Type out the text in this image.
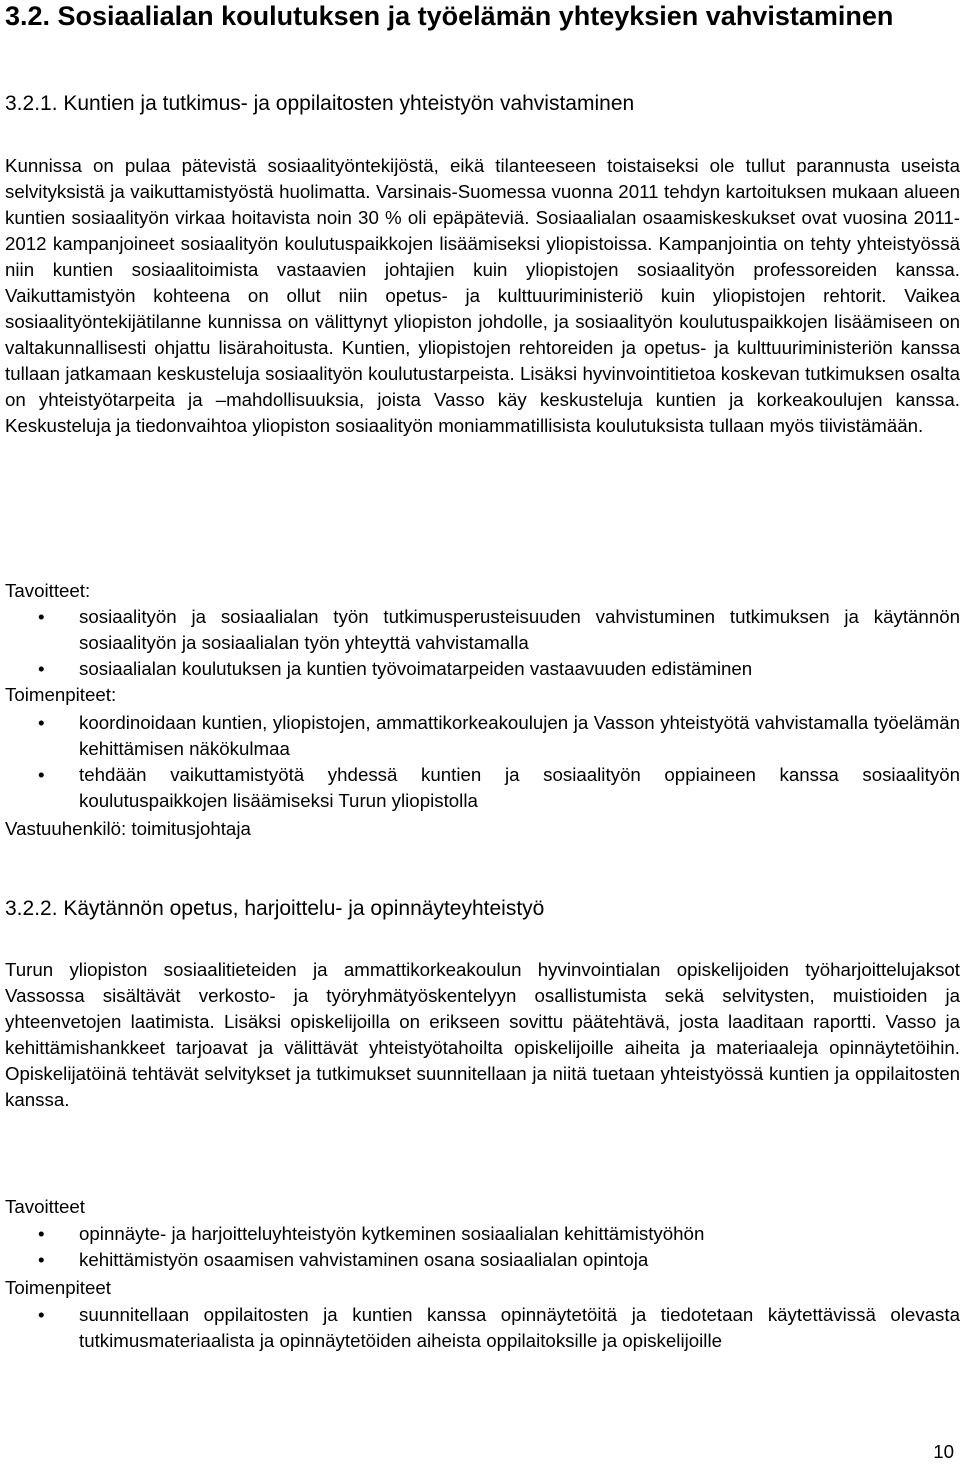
3.2. Sosiaalialan koulutuksen ja työelämän yhteyksien vahvistaminen
3.2.1. Kuntien ja tutkimus- ja oppilaitosten yhteistyön vahvistaminen

Kunnissa on pulaa pätevistä sosiaalityöntekijöstä, eikä tilanteeseen toistaiseksi ole tullut parannusta useista selvityksistä ja vaikuttamistyöstä huolimatta. Varsinais-Suomessa vuonna 2011 tehdyn kartoituksen mukaan alueen kuntien sosiaalityön virkaa hoitavista noin 30 % oli epäpäteviä. Sosiaalialan osaamiskeskukset ovat vuosina 2011-2012 kampanjoineet sosiaalityön koulutuspaikkojen lisäämiseksi yliopistoissa. Kampanjointia on tehty yhteistyössä niin kuntien sosiaalitoimista vastaavien johtajien kuin yliopistojen sosiaalityön professoreiden kanssa. Vaikuttamistyön kohteena on ollut niin opetus- ja kulttuuriministeriö kuin yliopistojen rehtorit. Vaikea sosiaalityöntekijätilanne kunnissa on välittynyt yliopiston johdolle, ja sosiaalityön koulutuspaikkojen lisäämiseen on valtakunnallisesti ohjattu lisärahoitusta. Kuntien, yliopistojen rehtoreiden ja opetus- ja kulttuuriministeriön kanssa tullaan jatkamaan keskusteluja sosiaalityön koulutustarpeista. Lisäksi hyvinvointitietoa koskevan tutkimuksen osalta on yhteistyötarpeita ja –mahdollisuuksia, joista Vasso käy keskusteluja kuntien ja korkeakoulujen kanssa. Keskusteluja ja tiedonvaihtoa yliopiston sosiaalityön moniammatillisista koulutuksista tullaan myös tiivistämään.

Tavoitteet:
•	sosiaalityön ja sosiaalialan työn tutkimusperusteisuuden vahvistuminen tutkimuksen ja käytännön sosiaalityön ja sosiaalialan työn yhteyttä vahvistamalla
•	sosiaalialan koulutuksen ja kuntien työvoimatarpeiden vastaavuuden edistäminen
Toimenpiteet:
•	koordinoidaan kuntien, yliopistojen, ammattikorkeakoulujen ja Vasson yhteistyötä vahvistamalla työelämän kehittämisen näkökulmaa
•	tehdään vaikuttamistyötä yhdessä kuntien ja sosiaalityön oppiaineen kanssa sosiaalityön koulutuspaikkojen lisäämiseksi Turun yliopistolla
Vastuuhenkilö: toimitusjohtaja
3.2.2. Käytännön opetus, harjoittelu- ja opinnäyteyhteistyö

Turun yliopiston sosiaalitieteiden ja ammattikorkeakoulun hyvinvointialan opiskelijoiden työharjoittelujaksot Vassossa sisältävät verkosto- ja työryhmätyöskentelyyn osallistumista sekä selvitysten, muistioiden ja yhteenvetojen laatimista. Lisäksi opiskelijoilla on erikseen sovittu päätehtävä, josta laaditaan raportti. Vasso ja kehittämishankkeet tarjoavat ja välittävät yhteistyötahoilta opiskelijoille aiheita ja materiaaleja opinnäytetöihin. Opiskelijatöinä tehtävät selvitykset ja tutkimukset suunnitellaan ja niitä tuetaan yhteistyössä kuntien ja oppilaitosten kanssa.

Tavoitteet
•	opinnäyte- ja harjoitteluyhteistyön kytkeminen sosiaalialan kehittämistyöhön
•	kehittämistyön osaamisen vahvistaminen osana sosiaalialan opintoja
Toimenpiteet
•	suunnitellaan oppilaitosten ja kuntien kanssa opinnäytetöitä ja tiedotetaan käytettävissä olevasta tutkimusmateriaalista ja opinnäytetöiden aiheista oppilaitoksille ja opiskelijoille
10
